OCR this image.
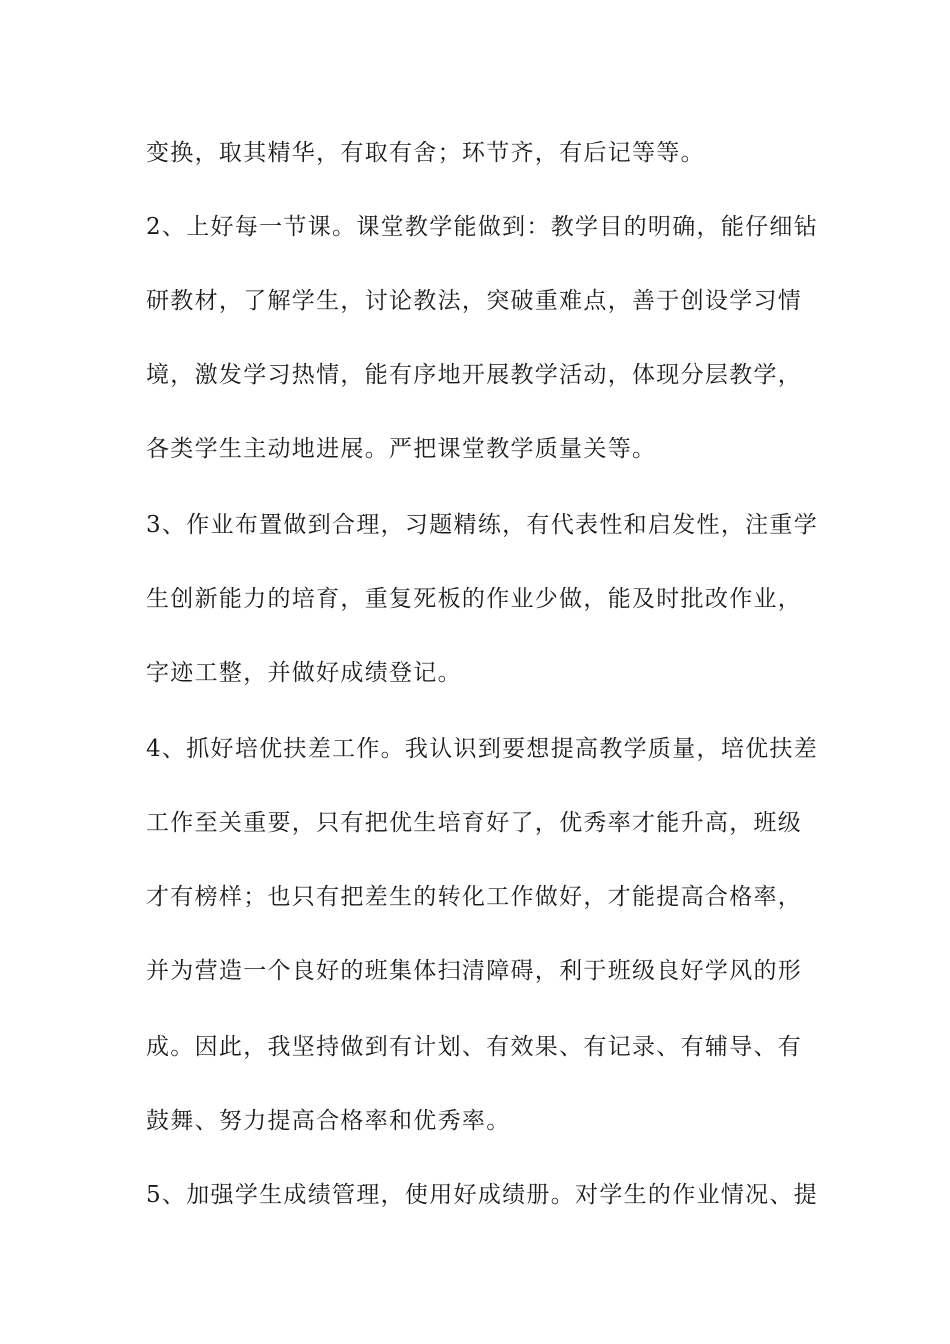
变换，取其精华，有取有舍；环节齐，有后记等等。
2、上好每一节课。课堂教学能做到：教学目的明确，能仔细钻
研教材，了解学生，讨论教法，突破重难点，善于创设学习情
境，激发学习热情，能有序地开展教学活动，体现分层教学，
各类学生主动地进展。严把课堂教学质量关等。
3、作业布置做到合理，习题精练，有代表性和启发性，注重学
生创新能力的培育，重复死板的作业少做，能及时批改作业，
字迹工整，并做好成绩登记。
4、抓好培优扶差工作。我认识到要想提高教学质量，培优扶差
工作至关重要，只有把优生培育好了，优秀率才能升高，班级
才有榜样；也只有把差生的转化工作做好，才能提高合格率，
并为营造一个良好的班集体扫清障碍，利于班级良好学风的形
成。因此，我坚持做到有计划、有效果、有记录、有辅导、有
鼓舞、努力提高合格率和优秀率。
5、加强学生成绩管理，使用好成绩册。对学生的作业情况、提
